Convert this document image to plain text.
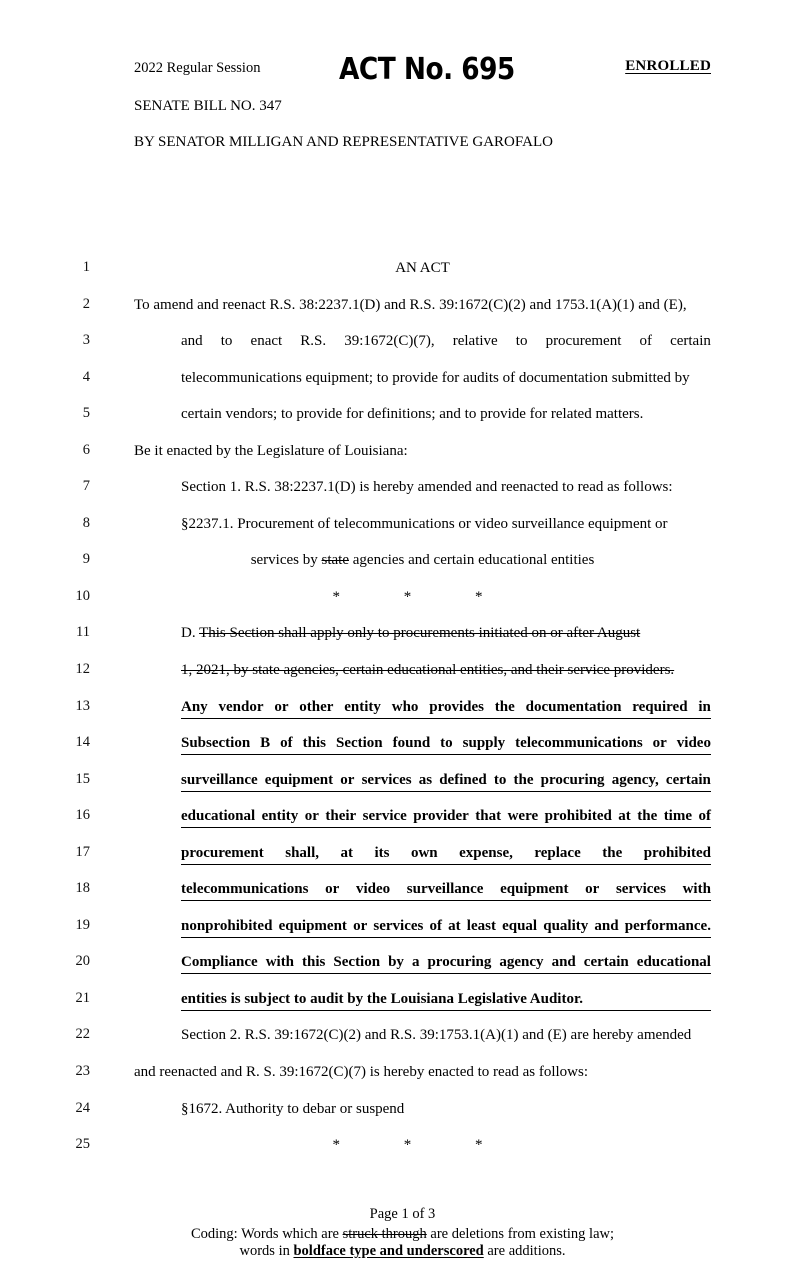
2022 Regular Session	ACT No. 695	ENROLLED
SENATE BILL NO. 347
BY SENATOR MILLIGAN AND REPRESENTATIVE GAROFALO
1	AN ACT
2	To amend and reenact R.S. 38:2237.1(D) and R.S. 39:1672(C)(2) and 1753.1(A)(1) and (E),
3	and to enact R.S. 39:1672(C)(7), relative to procurement of certain
4	telecommunications equipment; to provide for audits of documentation submitted by
5	certain vendors; to provide for definitions; and to provide for related matters.
6	Be it enacted by the Legislature of Louisiana:
7	Section 1. R.S. 38:2237.1(D) is hereby amended and reenacted to read as follows:
8	§2237.1. Procurement of telecommunications or video surveillance equipment or
9	services by state agencies and certain educational entities
10	* * *
11	D. This Section shall apply only to procurements initiated on or after August
12	1, 2021, by state agencies, certain educational entities, and their service providers.
13	Any vendor or other entity who provides the documentation required in
14	Subsection B of this Section found to supply telecommunications or video
15	surveillance equipment or services as defined to the procuring agency, certain
16	educational entity or their service provider that were prohibited at the time of
17	procurement shall, at its own expense, replace the prohibited
18	telecommunications or video surveillance equipment or services with
19	nonprohibited equipment or services of at least equal quality and performance.
20	Compliance with this Section by a procuring agency and certain educational
21	entities is subject to audit by the Louisiana Legislative Auditor.
22	Section 2. R.S. 39:1672(C)(2) and R.S. 39:1753.1(A)(1) and (E) are hereby amended
23	and reenacted and R. S. 39:1672(C)(7) is hereby enacted to read as follows:
24	§1672. Authority to debar or suspend
25	* * *
Page 1 of 3
Coding: Words which are struck through are deletions from existing law;
words in boldface type and underscored are additions.
